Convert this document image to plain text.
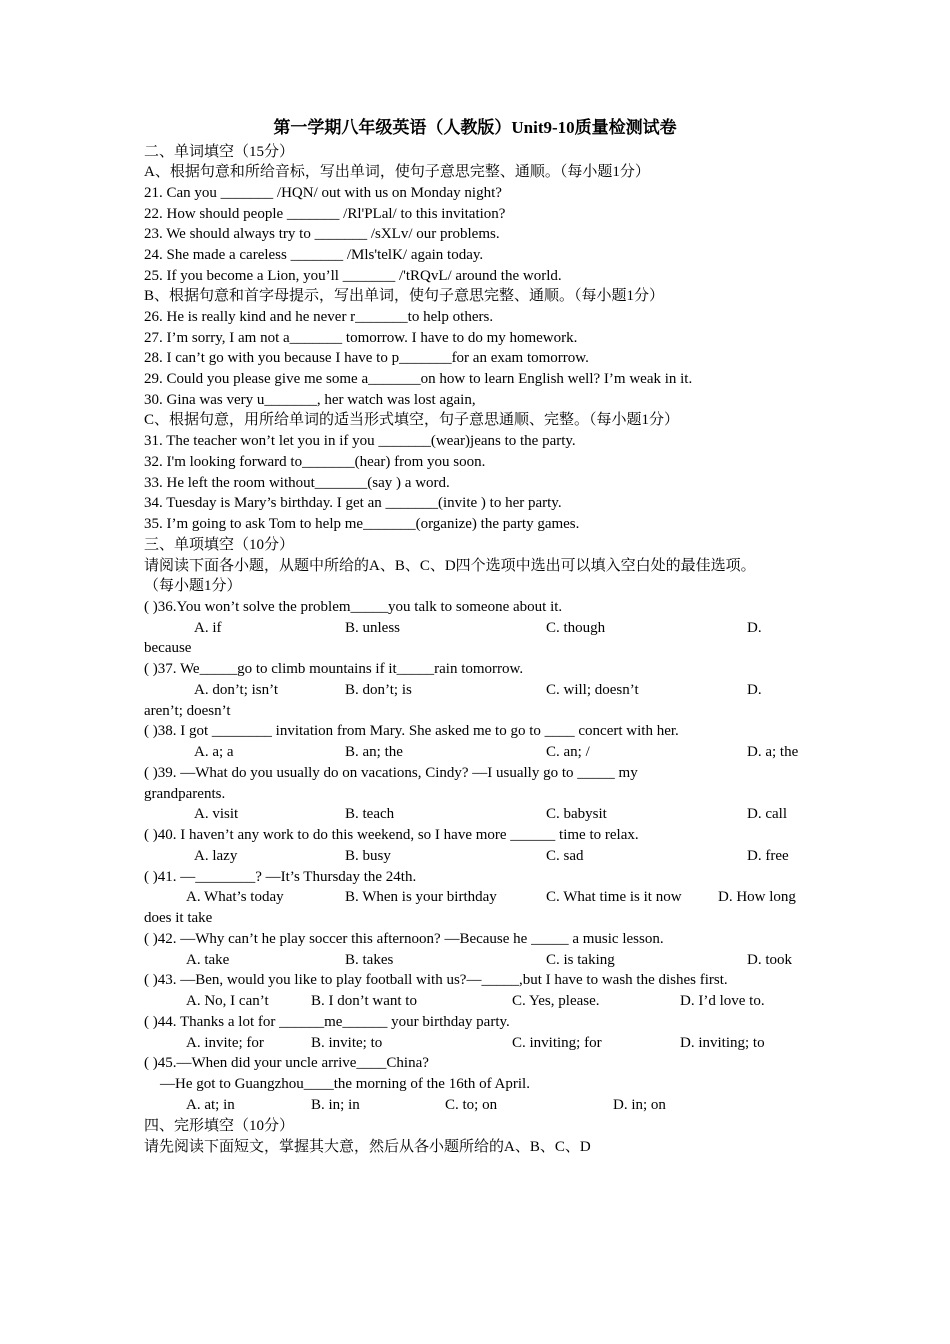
第一学期八年级英语（人教版）Unit9-10质量检测试卷
二、单词填空（15分）
A、根据句意和所给音标，写出单词，使句子意思完整、通顺。（每小题1分）
21. Can you _______ /HQN/ out with us on Monday night?
22. How should people _______ /Rl'PLal/ to this invitation?
23. We should always try to _______ /sXLv/ our problems.
24. She made a careless _______ /Mls'telK/ again today.
25. If you become a Lion, you’ll _______ /'tRQvL/ around the world.
B、根据句意和首字母提示，写出单词，使句子意思完整、通顺。（每小题1分）
26. He is really kind and he never r_______to help others.
27. I’m sorry, I am not a_______ tomorrow. I have to do my homework.
28. I can’t go with you because I have to p_______for an exam tomorrow.
29. Could you please give me some a_______on how to learn English well? I’m weak in it.
30. Gina was very u_______, her watch was lost again,
C、根据句意，用所给单词的适当形式填空，句子意思通顺、完整。（每小题1分）
31. The teacher won’t let you in if you _______(wear)jeans to the party.
32. I'm looking forward to_______(hear) from you soon.
33. He left the room without_______(say ) a word.
34. Tuesday is Mary’s birthday. I get an _______(invite ) to her party.
35. I’m going to ask Tom to help me_______(organize) the party games.
三、单项填空（10分）
请阅读下面各小题，从题中所给的A、B、C、D四个选项中选出可以填入空白处的最佳选项。
（每小题1分）
( )36.You won’t solve the problem_____you talk to someone about it.
A. if	B. unless	C. though	D.
because
( )37. We_____go to climb mountains if it_____rain tomorrow.
A. don’t; isn’t	B. don’t; is	C. will; doesn’t	D.
aren’t; doesn’t
( )38. I got ________ invitation from Mary. She asked me to go to ____ concert with her.
A. a; a	B. an; the	C. an; /	D. a; the
( )39. —What do you usually do on vacations, Cindy? —I usually go to _____ my
grandparents.
A. visit	B. teach	C. babysit	D. call
( )40. I haven’t any work to do this weekend, so I have more ______ time to relax.
A. lazy	B. busy	C. sad	D. free
( )41. —________? —It’s Thursday the 24th.
A. What’s today	B. When is your birthday	C. What time is it now D. How long
does it take
( )42. —Why can’t he play soccer this afternoon? —Because he _____ a music lesson.
A. take	B. takes	C. is taking	D. took
( )43. —Ben, would you like to play football with us?—_____,but I have to wash the dishes first.
A. No, I can’t	B. I don’t want to	C. Yes, please.	D. I’d love to.
( )44. Thanks a lot for ______me______ your birthday party.
A. invite; for	B. invite; to	C. inviting; for	D. inviting; to
( )45.—When did your uncle arrive____China?
—He got to Guangzhou____the morning of the 16th of April.
A. at; in	B. in; in	C. to; on	D. in; on
四、完形填空（10分）
请先阅读下面短文，掌握其大意，然后从各小题所给的A、B、C、D
